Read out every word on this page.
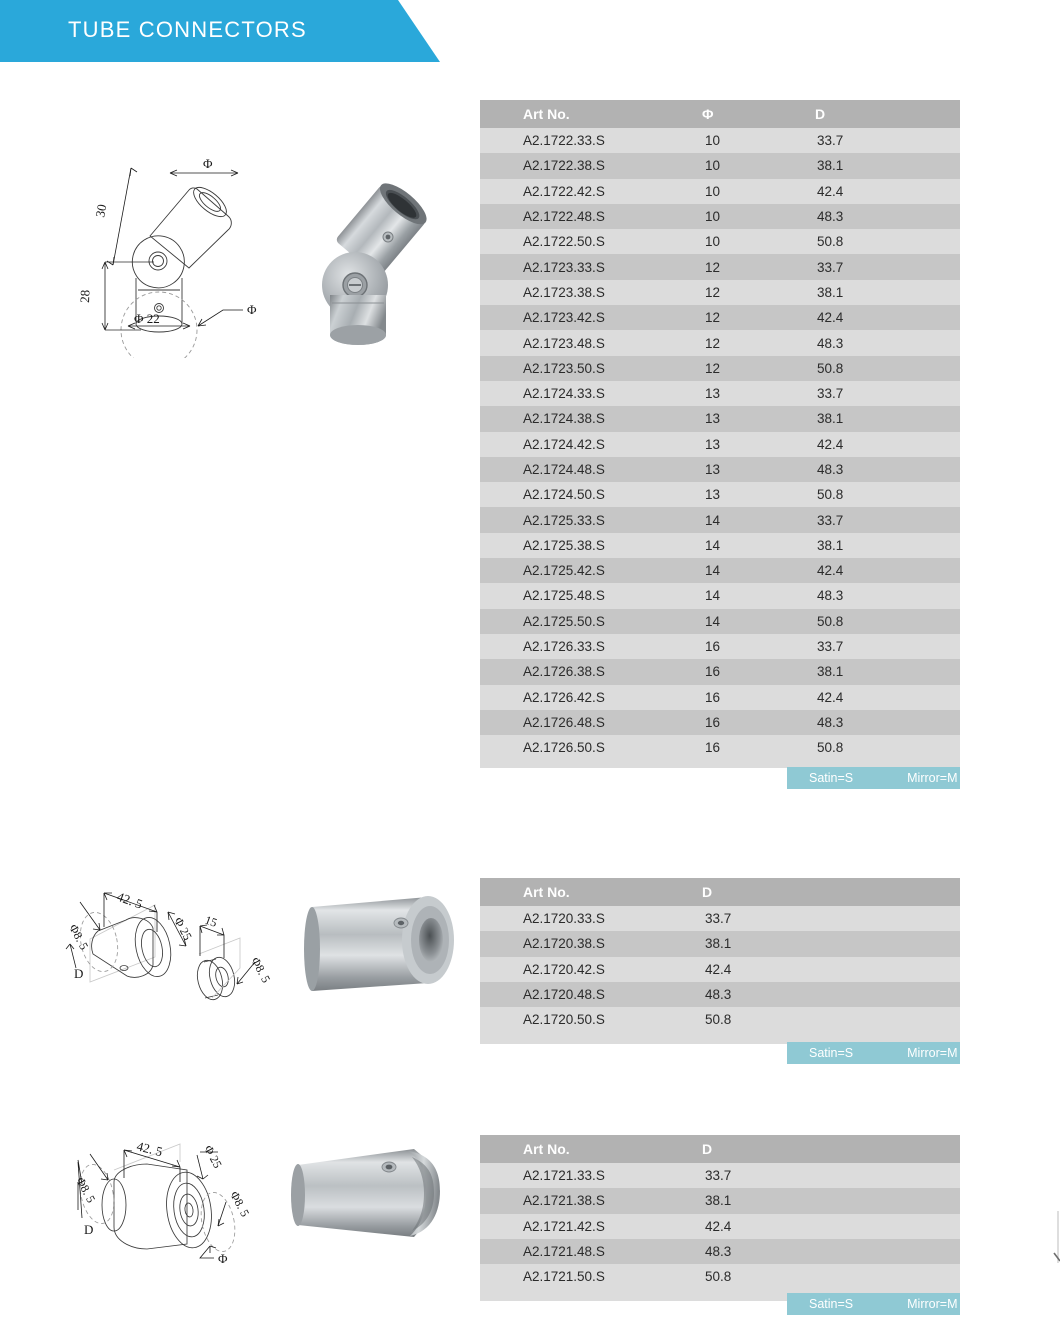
TUBE CONNECTORS
Φ
30
28
Φ 22
Φ
Art No.	Φ	D
A2.1722.33.S	10	33.7
A2.1722.38.S	10	38.1
A2.1722.42.S	10	42.4
A2.1722.48.S	10	48.3
A2.1722.50.S	10	50.8
A2.1723.33.S	12	33.7
A2.1723.38.S	12	38.1
A2.1723.42.S	12	42.4
A2.1723.48.S	12	48.3
A2.1723.50.S	12	50.8
A2.1724.33.S	13	33.7
A2.1724.38.S	13	38.1
A2.1724.42.S	13	42.4
A2.1724.48.S	13	48.3
A2.1724.50.S	13	50.8
A2.1725.33.S	14	33.7
A2.1725.38.S	14	38.1
A2.1725.42.S	14	42.4
A2.1725.48.S	14	48.3
A2.1725.50.S	14	50.8
A2.1726.33.S	16	33.7
A2.1726.38.S	16	38.1
A2.1726.42.S	16	42.4
A2.1726.48.S	16	48.3
A2.1726.50.S	16	50.8
Satin=S	Mirror=M
42. 5
Φ8. 5	Φ 25
D
15
Φ8. 5
Art No.	D
A2.1720.33.S	33.7
A2.1720.38.S	38.1
A2.1720.42.S	42.4
A2.1720.48.S	48.3
A2.1720.50.S	50.8
Satin=S	Mirror=M
42. 5
Φ8. 5
Φ 25
D
Φ8. 5
Φ
Art No.	D
A2.1721.33.S	33.7
A2.1721.38.S	38.1
A2.1721.42.S	42.4
A2.1721.48.S	48.3
A2.1721.50.S	50.8
Satin=S	Mirror=M
